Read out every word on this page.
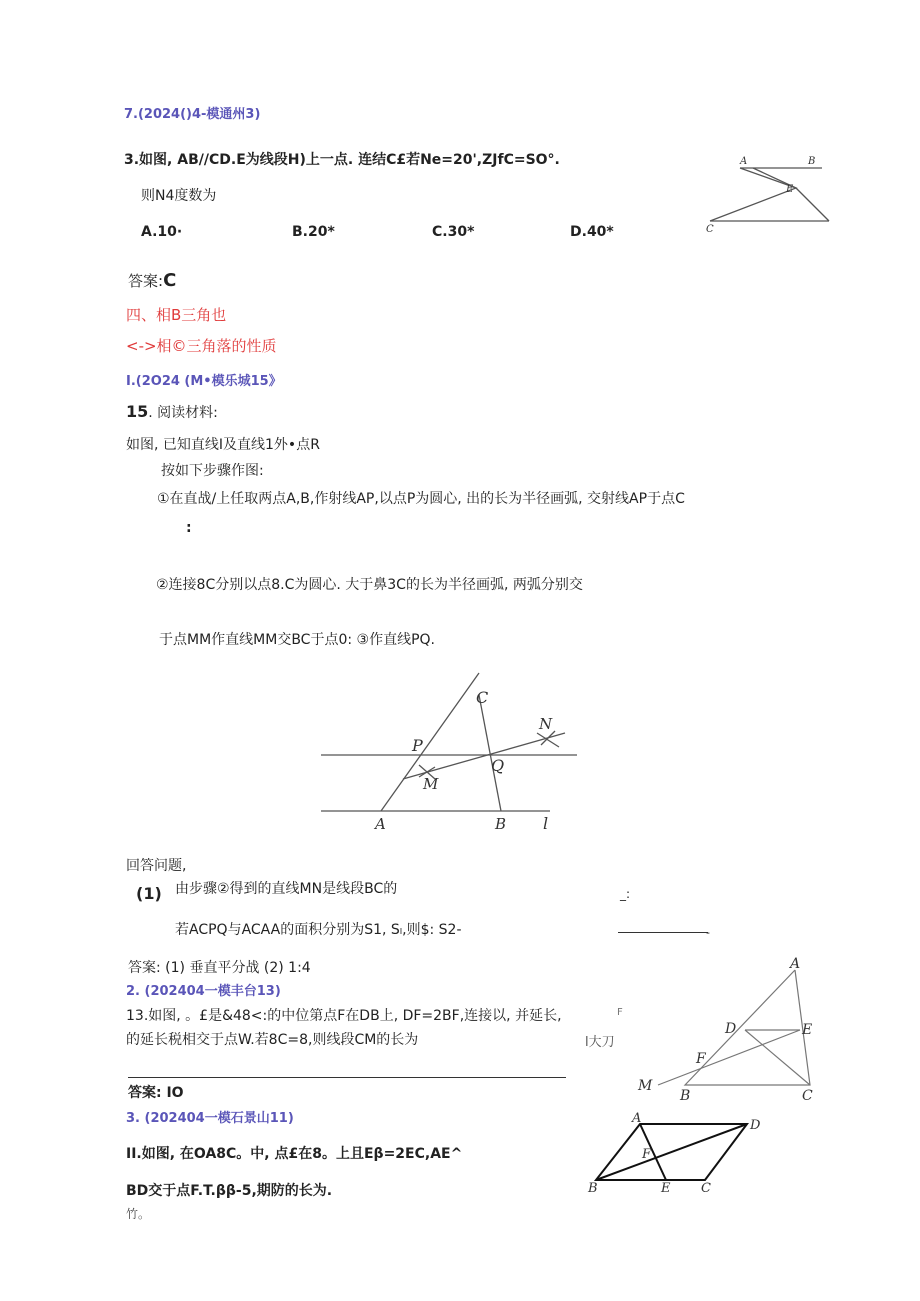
7.(2024()4-模通州3)
3.如图, AB//CD.E为线段H)上一点. 连结C£若Ne=20',ZJfC=SO°.
则N4度数为
A.10·	B.20*	C.30*	D.40*
A	B
E
C
答案:C
四、相B三角也
<->相©三角落的性质
I.(2O24 (M•模乐城15》
15. 阅读材料:
如图, 已知直线I及直线1外•点R
按如下步骤作图:
①在直战/上任取两点A,B,作射线AP,以点P为圆心, 出的长为半径画弧, 交射线AP于点C
:
②连接8C分别以点8.C为圆心. 大于鼻3C的长为半径画弧, 两弧分别交
于点MM作直线MM交BC于点0: ③作直线PQ.
C
N
P
Q
M
A	B l
回答问题,
(1) 由步骤②得到的直线MN是线段BC的
若ACPQ与ACAA的面积分别为S1, Sₗ,则$: S2-
_:
-
答案: (1) 垂直平分战 (2) 1:4
2. (202404一模丰台13)
13.如图, 。£是&48<:的中位第点F在DB上, DF=2BF,连接以, 并延长,
的延长税相交于点W.若8C=8,则线段CM的长为
F
l大刀
答案: IO
A
D	E
F
M
B	C
3. (202404一模石景山11)
II.如图, 在OA8C。中, 点£在8。上且Eβ=2EC,AE^
BD交于点F.T.ββ-5,期防的长为.
竹。
A	D
F
B	E C
